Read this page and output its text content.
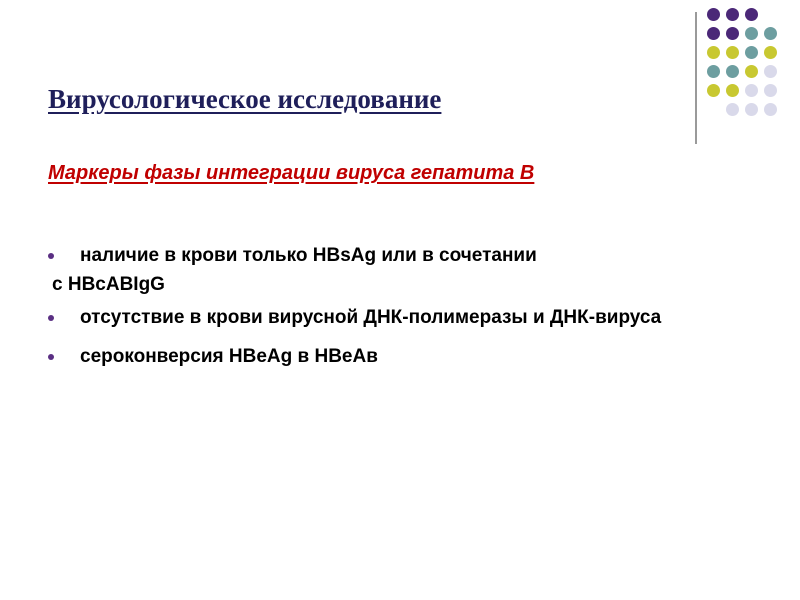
Вирусологическое исследование
Маркеры фазы интеграции вируса гепатита В
наличие в крови только HBsAg или в сочетании
с HBcABIgG
отсутствие в крови вирусной ДНК-полимеразы и ДНК-вируса
сероконверсия HBeAg в HBeAв
